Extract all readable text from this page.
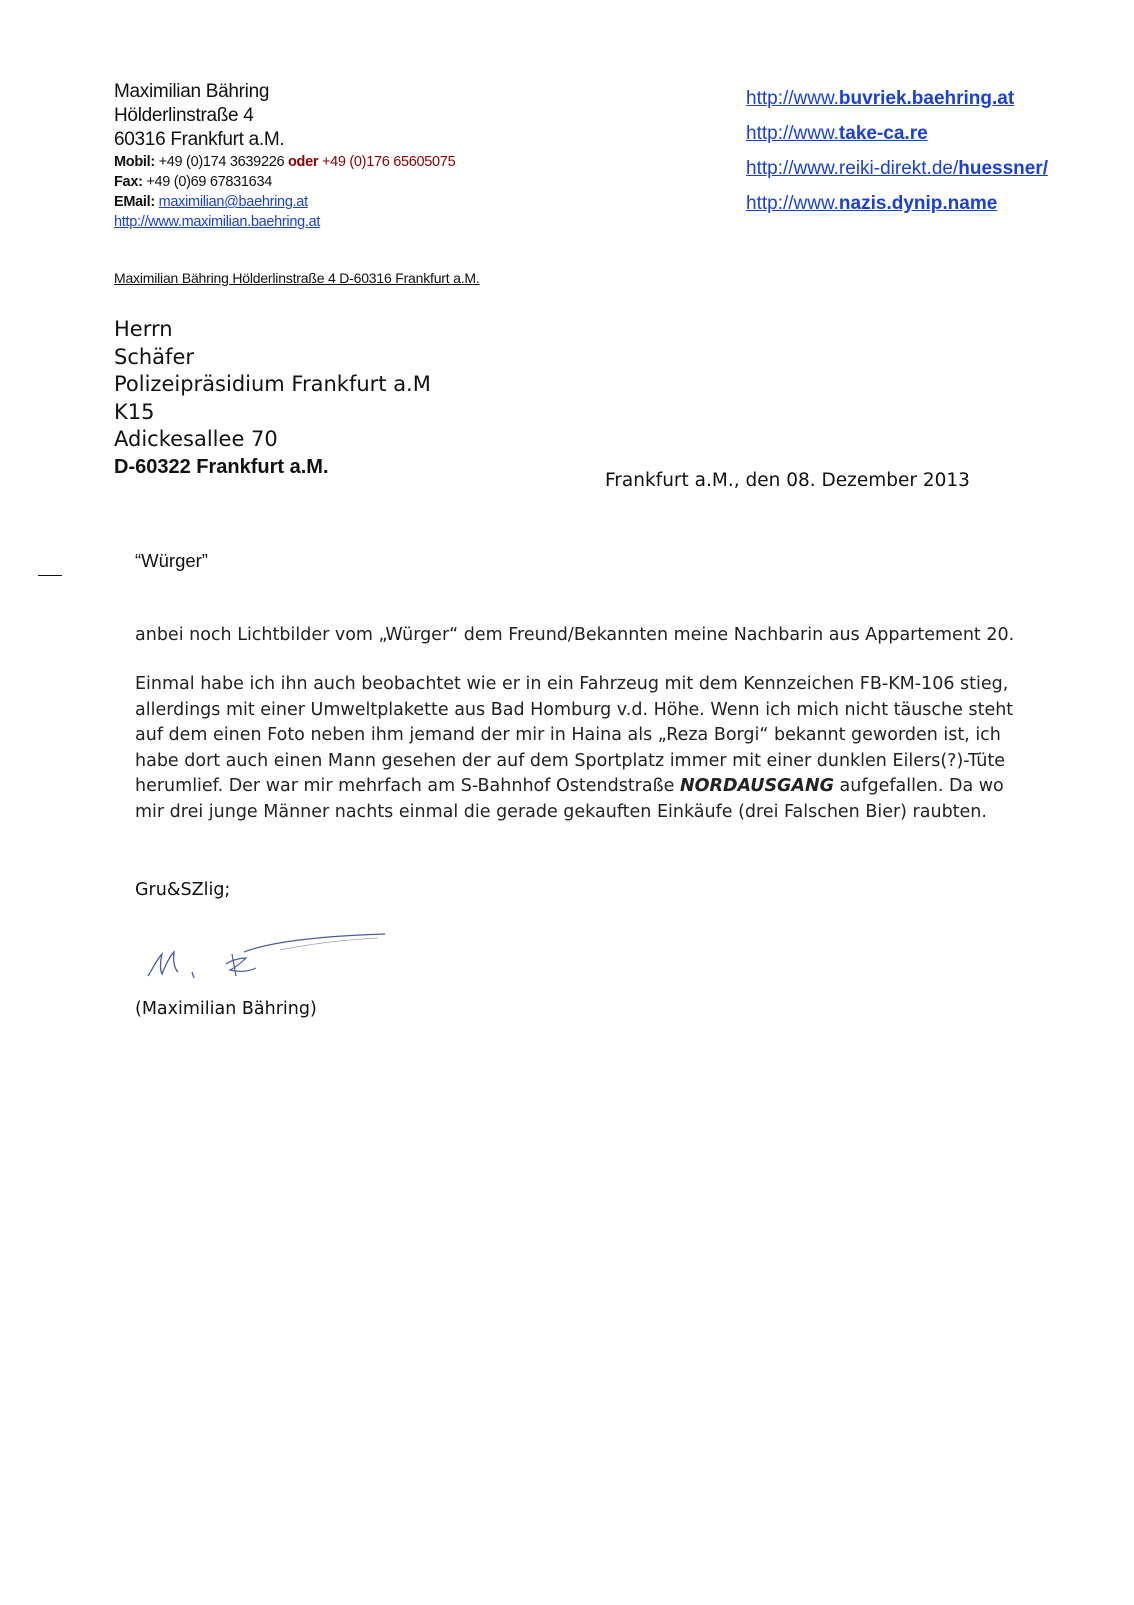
Maximilian Bähring
Hölderlinstraße 4
60316 Frankfurt a.M.
Mobil: +49 (0)174 3639226 oder +49 (0)176 65605075
Fax: +49 (0)69 67831634
EMail: maximilian@baehring.at
http://www.maximilian.baehring.at
http://www.buvriek.baehring.at
http://www.take-ca.re
http://www.reiki-direkt.de/huessner/
http://www.nazis.dynip.name
Maximilian Bähring Hölderlinstraße 4 D-60316 Frankfurt a.M.
Herrn
Schäfer
Polizeipräsidium Frankfurt a.M
K15
Adickesallee 70
D-60322 Frankfurt a.M.
Frankfurt a.M., den 08. Dezember 2013
“Würger”
anbei noch Lichtbilder vom „Würger“ dem Freund/Bekannten meine Nachbarin aus Appartement 20.
Einmal habe ich ihn auch beobachtet wie er in ein Fahrzeug mit dem Kennzeichen FB-KM-106 stieg,
allerdings mit einer Umweltplakette aus Bad Homburg v.d. Höhe. Wenn ich mich nicht täusche steht
auf dem einen Foto neben ihm jemand der mir in Haina als „Reza Borgi“ bekannt geworden ist, ich
habe dort auch einen Mann gesehen der auf dem Sportplatz immer mit einer dunklen Eilers(?)-Tüte
herumlief. Der war mir mehrfach am S-Bahnhof Ostendstraße NORDAUSGANG aufgefallen. Da wo
mir drei junge Männer nachts einmal die gerade gekauften Einkäufe (drei Falschen Bier) raubten.
Gru&SZlig;
(Maximilian Bähring)
